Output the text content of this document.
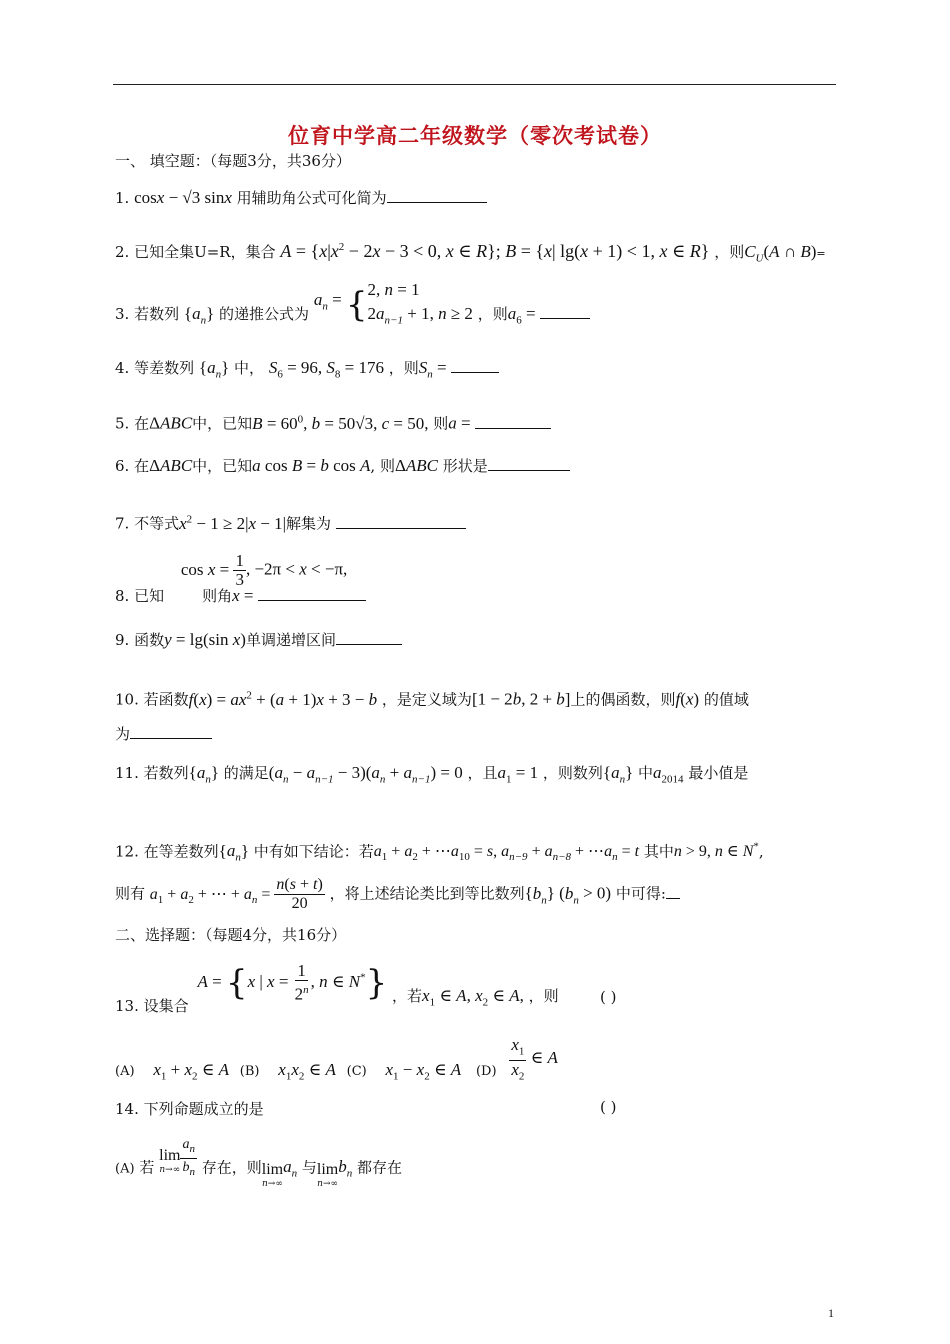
位育中学高二年级数学（零次考试卷）
一、 填空题：（每题3分，共36分）
1. cosx − √3 sinx 用辅助角公式可化简为
2. 已知全集U=R，集合 $A = \{x|x^2 - 2x - 3 < 0$, x ∈ R}; B = {x| lg(x + 1) < 1, x ∈ R} ，则$C_U(A$ ∩ B)=
3. 若数列 $\{a_n\}$ 的递推公式为 $a_n$ = { 2, n = 1
$2a_{n-1} + 1$, n ≥ 2 ，则$a_6$ =
4. 等差数列 $\{a_n\}$ 中， $S_6 = 96$, $S_8 = 176$ ，则$S_n$ =
5. 在ΔABC中，已知$B = 60^0$, b = 50√3, c = 50, 则a =
6. 在ΔABC中，已知a cos B = b cos A, 则ΔABC 形状是
7. 不等式$x^2 - 1 \ge 2|x - 1|$解集为
8. 已知 $\cos x = \frac{1}{3}$ , −2π < x < −π, 则角x =
9. 函数y = lg(sin x)单调递增区间
10. 若函数$f(x) = ax^2 + (a + 1)x + 3 - b$ ，是定义域为[1 − 2b, 2 + b]上的偶函数，则f(x) 的值域
为
11. 若数列$\{a_n\}$ 的满足$(a_n - a_{n-1} - 3)(a_n + a_{n-1}) = 0$ ，且$a_1 = 1$ ，则数列$\{a_n\}$ 中$a_{2014}$ 最小值是
12. 在等差数列$\{a_n\}$ 中有如下结论：若$a_1 + a_2$ + $\cdots a_{10} = s$, $a_{n-9} + a_{n-8}$ + $\cdots a_n = t$ 其中n > 9, n ∈ N*,
则有 $a_1 + a_2$ + ⋯ + $a_n = \frac{n(s + t)}{20}$ ，将上述结论类比到等比数列$\{b_n\} (b_n > 0)$ 中可得:
二、选择题：（每题4分，共16分）
13. 设集合 A = {x | $x = \frac{1}{2^n}$ , n ∈ N*} ，若$x_1$ ∈ A, $x_2$ ∈ A, ，则	( )
(A) $x_1 + x_2$ ∈ A (B) $x_1x_2$ ∈ A (C) $x_1 - x_2$ ∈ A $(D) \frac{x_1}{x_2}$ ∈ A
14. 下列命题成立的是	( )
(A) 若
lim
$n\to\infty \frac{a_n}{b_n}$ 存在，则 lim
n→∞
$a_n$ 与 lim
n→∞
$b_n$ 都存在
1
